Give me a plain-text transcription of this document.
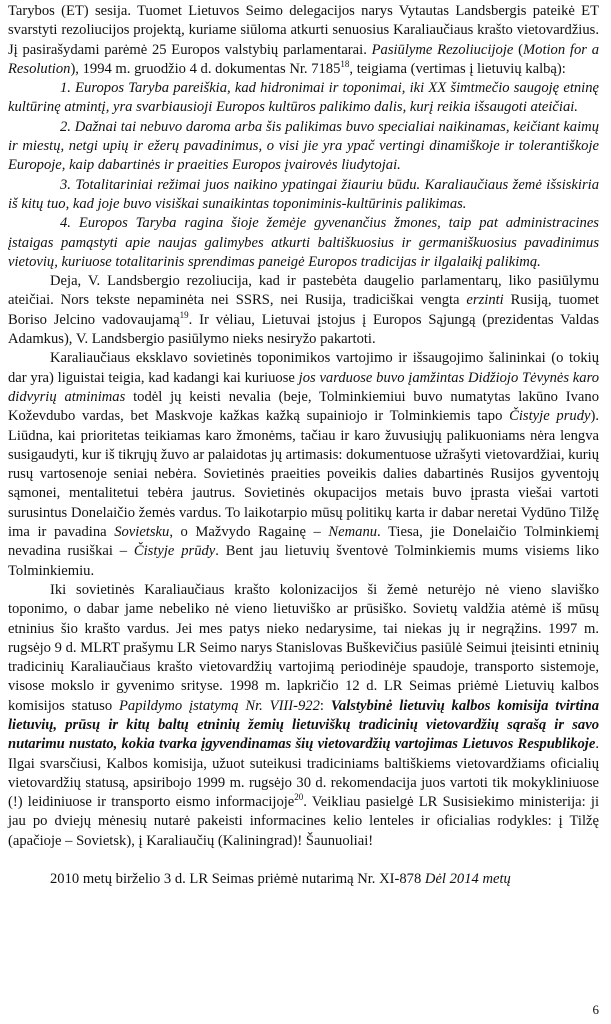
Tarybos (ET) sesija. Tuomet Lietuvos Seimo delegacijos narys Vytautas Landsbergis pateikė ET svarstyti rezoliucijos projektą, kuriame siūloma atkurti senuosius Karaliaučiaus krašto vietovardžius. Jį pasirašydami parėmė 25 Europos valstybių parlamentarai. Pasiūlyme Rezoliucijoje (Motion for a Resolution), 1994 m. gruodžio 4 d. dokumentas Nr. 7185$^{18}$, teigiama (vertimas į lietuvių kalbą):

1. Europos Taryba pareiškia, kad hidronimai ir toponimai, iki XX šimtmečio saugoję etninę kultūrinę atmintį, yra svarbiausioji Europos kultūros palikimo dalis, kurį reikia išsaugoti ateičiai.

2. Dažnai tai nebuvo daroma arba šis palikimas buvo specialiai naikinamas, keičiant kaimų ir miestų, netgi upių ir ežerų pavadinimus, o visi jie yra ypač vertingi dinamiškoje ir tolerantiškoje Europoje, kaip dabartinės ir praeities Europos įvairovės liudytojai.

3. Totalitariniai režimai juos naikino ypatingai žiauriu būdu. Karaliaučiaus žemė išsiskiria iš kitų tuo, kad joje buvo visiškai sunaikintas toponiminis-kultūrinis palikimas.

4. Europos Taryba ragina šioje žemėje gyvenančius žmones, taip pat administracines įstaigas pamąstyti apie naujas galimybes atkurti baltiškuosius ir germaniškuosius pavadinimus vietovių, kuriuose totalitarinis sprendimas paneigė Europos tradicijas ir ilgalaikį palikimą.

Deja, V. Landsbergio rezoliucija, kad ir pastebėta daugelio parlamentarų, liko pasiūlymu ateičiai. Nors tekste nepaminėta nei SSRS, nei Rusija, tradiciškai vengta erzinti Rusiją, tuomet Boriso Jelcino vadovaujamą$^{19}$. Ir vėliau, Lietuvai įstojus į Europos Sąjungą (prezidentas Valdas Adamkus), V. Landsbergio pasiūlymo nieks nesiryžo pakartoti.

Karaliaučiaus eksklavo sovietinės toponimikos vartojimo ir išsaugojimo šalininkai (o tokių dar yra) liguistai teigia, kad kadangi kai kuriuose jos varduose buvo įamžintas Didžiojo Tėvynės karo didvyrių atminimas todėl jų keisti nevalia (beje, Tolminkiemiui buvo numatytas lakūno Ivano Koževdubo vardas, bet Maskvoje kažkas kažką supainiojo ir Tolminkiemis tapo Čistyje prudy). Liūdna, kai prioritetas teikiamas karo žmonėms, tačiau ir karo žuvusiųjų palikuoniams nėra lengva susigaudyti, kur iš tikrųjų žuvo ar palaidotas jų artimasis: dokumentuose užrašyti vietovardžiai, kurių rusų vartosenoje seniai nebėra. Sovietinės praeities poveikis dalies dabartinės Rusijos gyventojų sąmonei, mentalitetui tebėra jautrus. Sovietinės okupacijos metais buvo įprasta viešai vartoti surusintus Donelaičio žemės vardus. To laikotarpio mūsų politikų karta ir dabar neretai Vydūno Tilžę ima ir pavadina Sovietsku, o Mažvydo Ragainę – Nemanu. Tiesa, jie Donelaičio Tolminkiemį nevadina rusiškai – Čistyje prūdy. Bent jau lietuvių šventovė Tolminkiemis mums visiems liko Tolminkiemiu.

Iki sovietinės Karaliaučiaus krašto kolonizacijos ši žemė neturėjo nė vieno slaviško toponimo, o dabar jame nebeliko nė vieno lietuviško ar prūsiško. Sovietų valdžia atėmė iš mūsų etninius šio krašto vardus. Jei mes patys nieko nedarysime, tai niekas jų ir negrąžins. 1997 m. rugsėjo 9 d. MLRT prašymu LR Seimo narys Stanislovas Buškevičius pasiūlė Seimui įteisinti etninių tradicinių Karaliaučiaus krašto vietovardžių vartojimą periodinėje spaudoje, transporto sistemoje, visose mokslo ir gyvenimo srityse. 1998 m. lapkričio 12 d. LR Seimas priėmė Lietuvių kalbos komisijos statuso Papildymo įstatymą Nr. VIII-922: Valstybinė lietuvių kalbos komisija tvirtina lietuvių, prūsų ir kitų baltų etninių žemių lietuviškų tradicinių vietovardžių sąrašą ir savo nutarimu nustato, kokia tvarka įgyvendinamas šių vietovardžių vartojimas Lietuvos Respublikoje. Ilgai svarsčiusi, Kalbos komisija, užuot suteikusi tradiciniams baltiškiems vietovardžiams oficialių vietovardžių statusą, apsiribojo 1999 m. rugsėjo 30 d. rekomendacija juos vartoti tik mokykliniuose (!) leidiniuose ir transporto eismo informacijoje$^{20}$. Veikliau pasielgė LR Susisiekimo ministerija: ji jau po dviejų mėnesių nutarė pakeisti informacines kelio lenteles ir oficialias rodykles: į Tilžę (apačioje – Sovietsk), į Karaliaučių (Kaliningrad)! Šaunuoliai!

2010 metų birželio 3 d. LR Seimas priėmė nutarimą Nr. XI-878 Dėl 2014 metų

6
